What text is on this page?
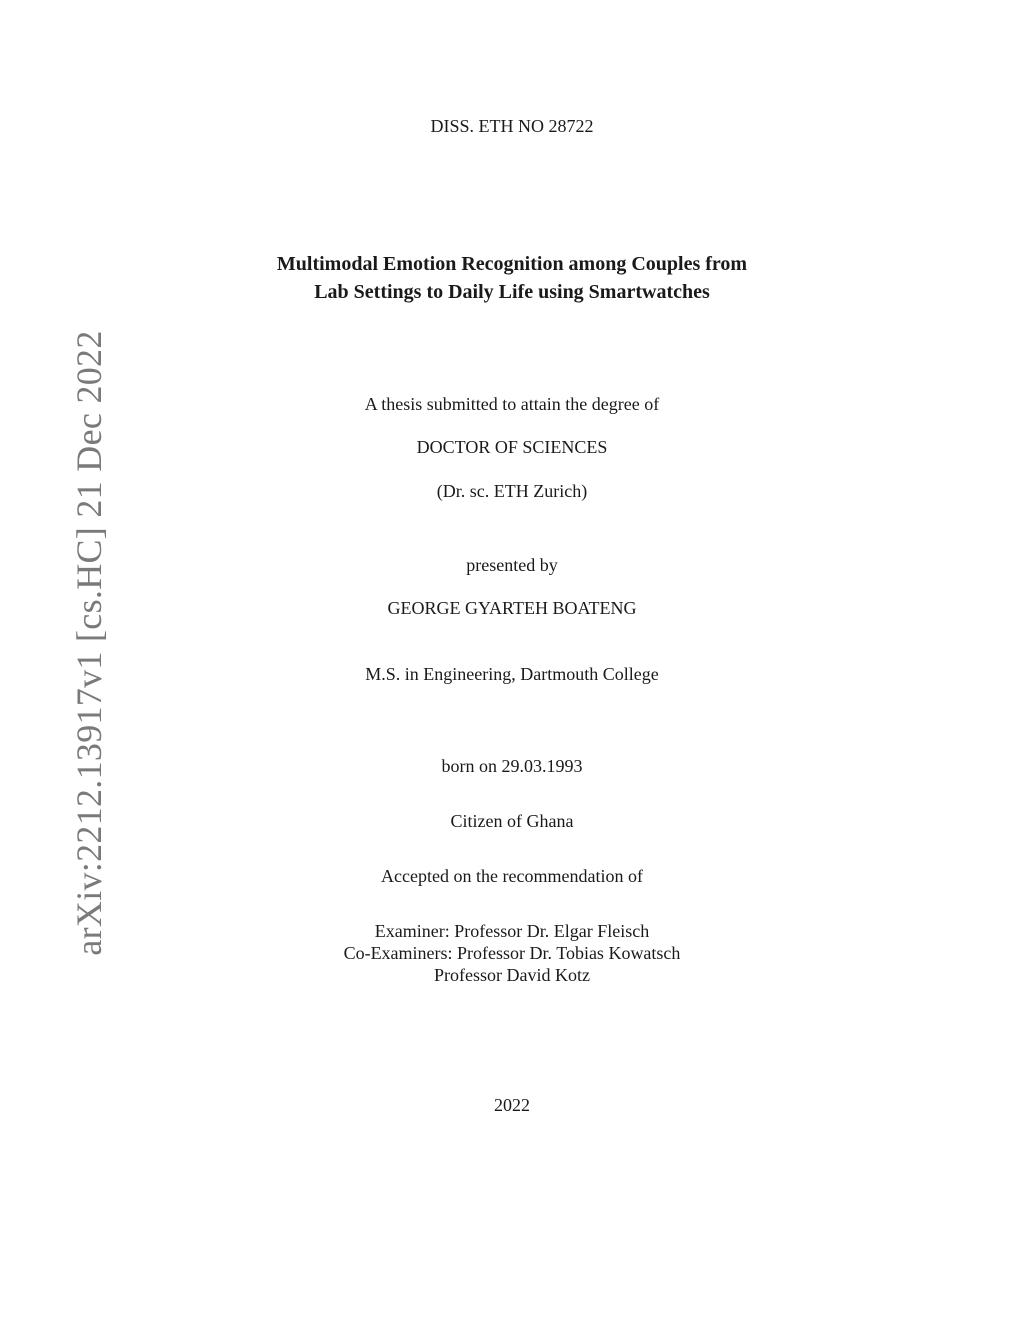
arXiv:2212.13917v1 [cs.HC] 21 Dec 2022
DISS. ETH NO 28722
Multimodal Emotion Recognition among Couples from
Lab Settings to Daily Life using Smartwatches
A thesis submitted to attain the degree of
DOCTOR OF SCIENCES
(Dr. sc. ETH Zurich)
presented by
GEORGE GYARTEH BOATENG
M.S. in Engineering, Dartmouth College
born on 29.03.1993
Citizen of Ghana
Accepted on the recommendation of
Examiner: Professor Dr. Elgar Fleisch
Co-Examiners: Professor Dr. Tobias Kowatsch
Professor David Kotz
2022
